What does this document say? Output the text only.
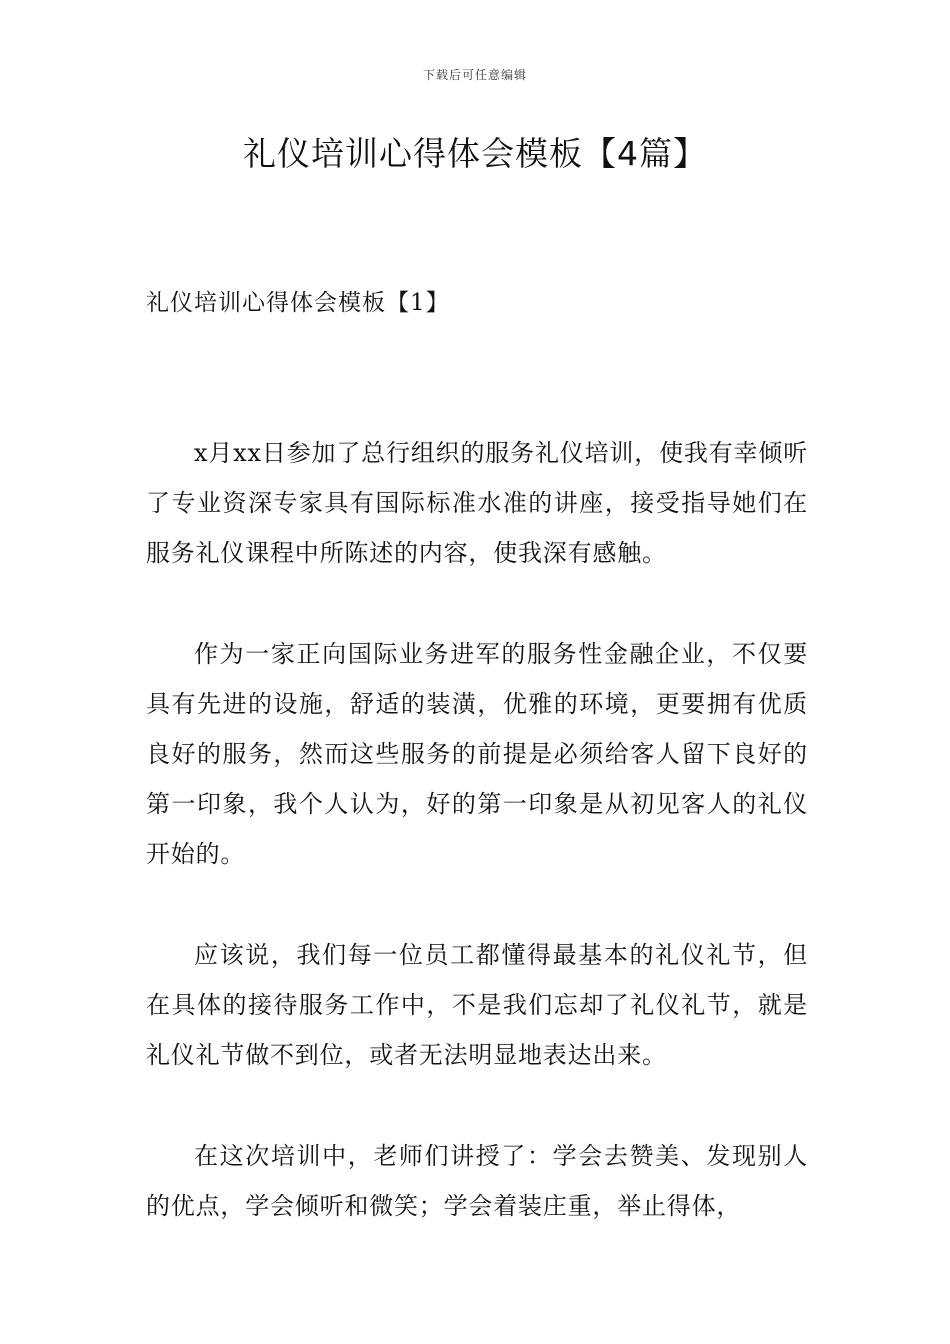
下载后可任意编辑
礼仪培训心得体会模板【4篇】
礼仪培训心得体会模板【1】

x月xx日参加了总行组织的服务礼仪培训，使我有幸倾听了专业资深专家具有国际标准水准的讲座，接受指导她们在服务礼仪课程中所陈述的内容，使我深有感触。

作为一家正向国际业务进军的服务性金融企业，不仅要具有先进的设施，舒适的装潢，优雅的环境，更要拥有优质良好的服务，然而这些服务的前提是必须给客人留下良好的第一印象，我个人认为，好的第一印象是从初见客人的礼仪开始的。

应该说，我们每一位员工都懂得最基本的礼仪礼节，但在具体的接待服务工作中，不是我们忘却了礼仪礼节，就是礼仪礼节做不到位，或者无法明显地表达出来。

在这次培训中，老师们讲授了：学会去赞美、发现别人的优点，学会倾听和微笑；学会着装庄重，举止得体，
